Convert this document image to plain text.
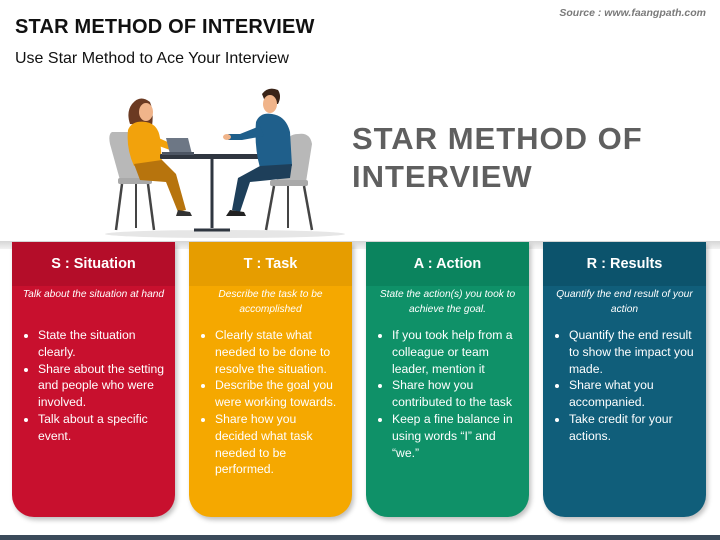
Source : www.faangpath.com
STAR METHOD OF INTERVIEW
Use Star Method to Ace Your Interview
STAR METHOD OF
INTERVIEW
S : Situation
Talk about the situation at hand
• State the situation clearly.
• Share about the setting and people who were involved.
• Talk about a specific event.
T : Task
Describe the task to be accomplished
• Clearly state what needed to be done to resolve the situation.
• Describe the goal you were working towards.
• Share how you decided what task needed to be performed.
A : Action
State the action(s) you took to achieve the goal.
• If you took help from a colleague or team leader, mention it
• Share how you contributed to the task
• Keep a fine balance in using words “I” and “we.”
R : Results
Quantify the end result of your action
• Quantify the end result to show the impact you made.
• Share what you accompanied.
• Take credit for your actions.
